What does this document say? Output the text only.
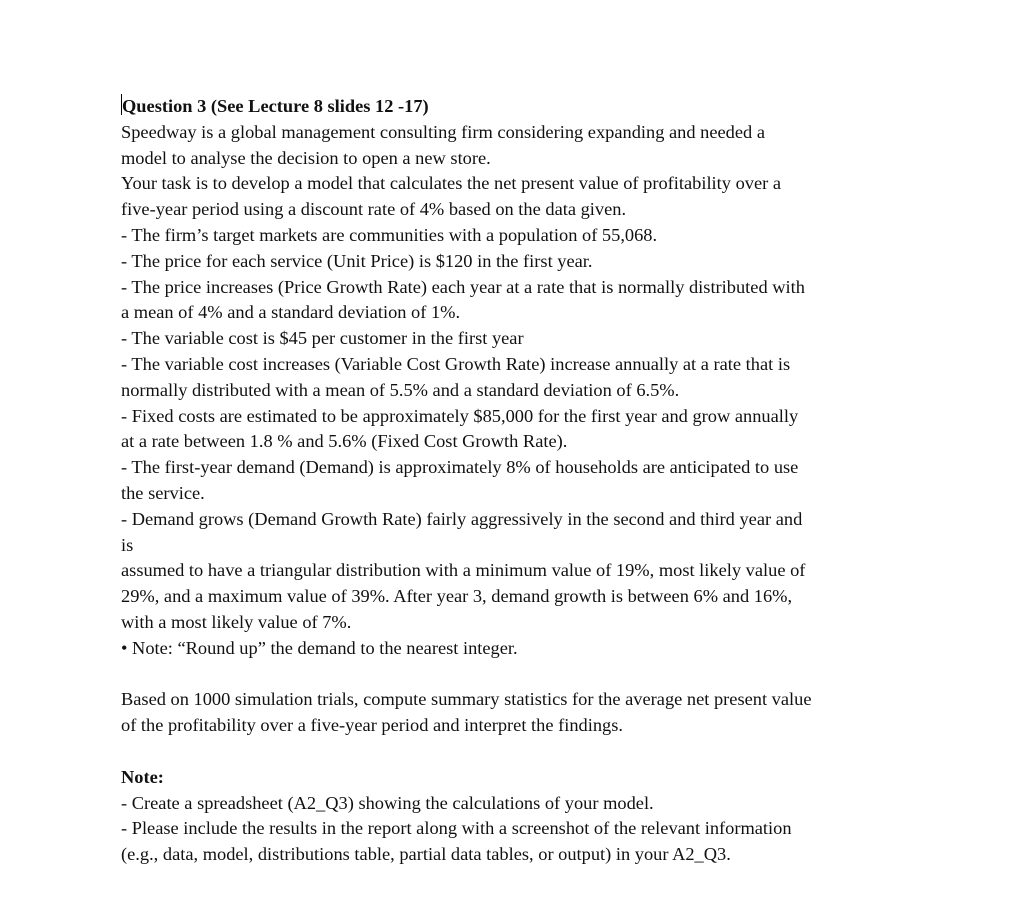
Question 3 (See Lecture 8 slides 12 -17)
Speedway is a global management consulting firm considering expanding and needed a
model to analyse the decision to open a new store.
Your task is to develop a model that calculates the net present value of profitability over a
five-year period using a discount rate of 4% based on the data given.
- The firm’s target markets are communities with a population of 55,068.
- The price for each service (Unit Price) is $120 in the first year.
- The price increases (Price Growth Rate) each year at a rate that is normally distributed with
a mean of 4% and a standard deviation of 1%.
- The variable cost is $45 per customer in the first year
- The variable cost increases (Variable Cost Growth Rate) increase annually at a rate that is
normally distributed with a mean of 5.5% and a standard deviation of 6.5%.
- Fixed costs are estimated to be approximately $85,000 for the first year and grow annually
at a rate between 1.8 % and 5.6% (Fixed Cost Growth Rate).
- The first-year demand (Demand) is approximately 8% of households are anticipated to use
the service.
- Demand grows (Demand Growth Rate) fairly aggressively in the second and third year and
is
assumed to have a triangular distribution with a minimum value of 19%, most likely value of
29%, and a maximum value of 39%. After year 3, demand growth is between 6% and 16%,
with a most likely value of 7%.
• Note: “Round up” the demand to the nearest integer.
Based on 1000 simulation trials, compute summary statistics for the average net present value
of the profitability over a five-year period and interpret the findings.
Note:
- Create a spreadsheet (A2_Q3) showing the calculations of your model.
- Please include the results in the report along with a screenshot of the relevant information
(e.g., data, model, distributions table, partial data tables, or output) in your A2_Q3.
